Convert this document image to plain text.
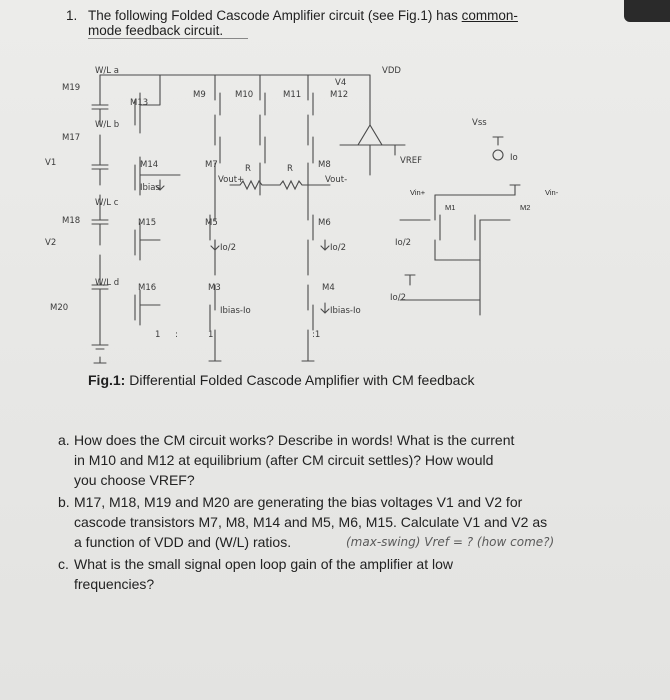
1. The following Folded Cascode Amplifier circuit (see Fig.1) has common-
mode feedback circuit.
VDD
Vss
VREF
Vin+	Vin-
Vout+	Vout-
R	R
V1
V2
V4
M1	M2
M3	M4
M5	M6
M7	M8
M9	M10	M11	M12
M13
M14
M15
M16
M17
M18
M19
M20
W/L a
W/L b
W/L c
W/L d
Ibias
Io
Io/2	Io/2	Io/2
Io/2
Ibias-Io	Ibias-Io
1 :	1	:1
Fig.1: Differential Folded Cascode Amplifier with CM feedback
a. How does the CM circuit works? Describe in words! What is the current
in M10 and M12 at equilibrium (after CM circuit settles)? How would
you choose VREF?
b. M17, M18, M19 and M20 are generating the bias voltages V1 and V2 for
cascode transistors M7, M8, M14 and M5, M6, M15. Calculate V1 and V2 as
a function of VDD and (W/L) ratios.	(max-swing) Vref = ? (how come?)
c. What is the small signal open loop gain of the amplifier at low
frequencies?
